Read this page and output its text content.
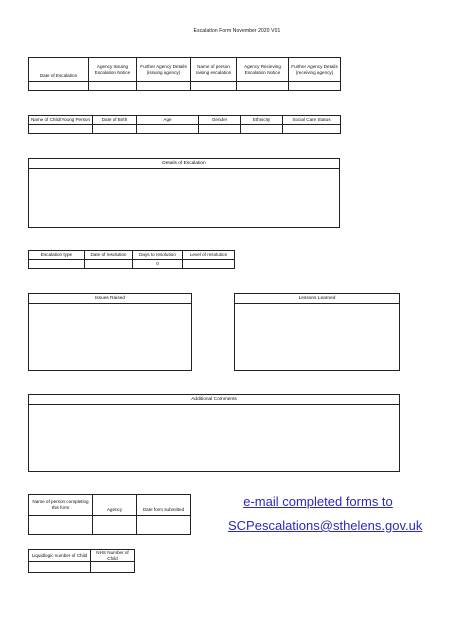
Escalation Form November 2020 V01
Date of Escalation	Agency Issuing Escalation Notice	Further Agency Details (issuing agency)	Name of person raising escalation	Agency Recieving Escalation Notice	Further Agency Details (receiving agency)

Name of Child/Young Person	Date of Birth	Age	Gender	Ethnicity	Social Care Status

Details of Escalation
Escalation type	Date of resolution	Days to resolution	Level of resolution
		0	
Issues Raised	Lessons Learned
Additional Comments
Name of person completing this form	Agency	Date form submitted

Liquidlogic number of Child	NHS Number of Child

e-mail completed forms to
SCPescalations@sthelens.gov.uk
